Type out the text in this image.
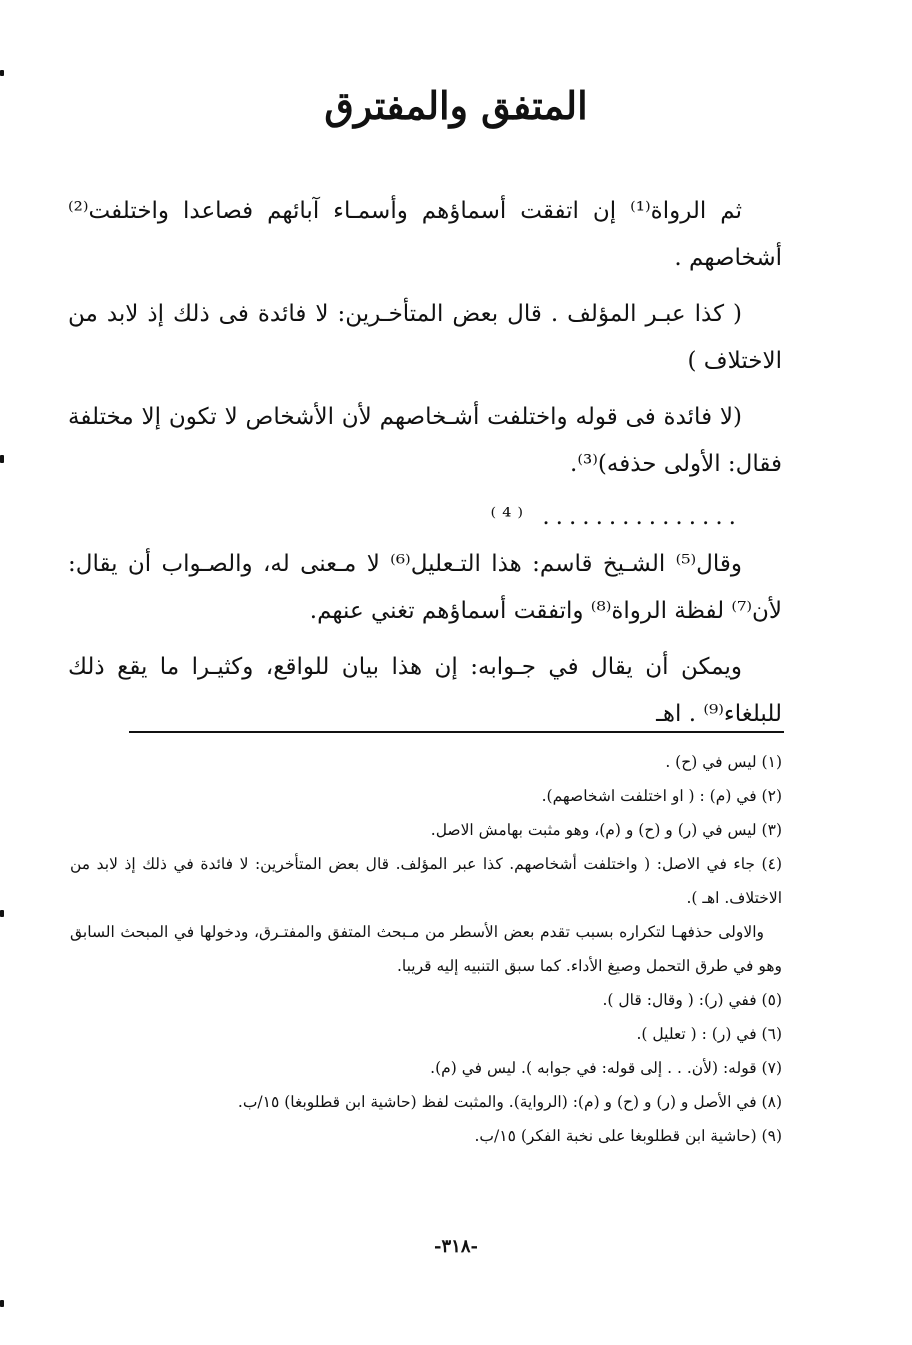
المتفق والمفترق

ثم الرواة⁽¹⁾ إن اتفقت أسماؤهم وأسمـاء آبائهم فصاعدا واختلفت⁽²⁾ أشخاصهم .

( كذا عبـر المؤلف . قال بعض المتأخـرين: لا فائدة فى ذلك إذ لابد من الاختلاف )

(لا فائدة فى قوله واختلفت أشـخاصهم لأن الأشخاص لا تكون إلا مختلفة فقال: الأولى حذفه)⁽³⁾.

............... ⁽⁴⁾

وقال⁽⁵⁾ الشـيخ قاسم: هذا التـعليل⁽⁶⁾ لا مـعنى له، والصـواب أن يقال: لأن⁽⁷⁾ لفظة الرواة⁽⁸⁾ واتفقت أسماؤهم تغني عنهم.

ويمكن أن يقال في جـوابه: إن هذا بيان للواقع، وكثيـرا ما يقع ذلك للبلغاء⁽⁹⁾ . اهـ

(١) ليس في (ح) .

(٢) في (م) : ( او اختلفت اشخاصهم).

(٣) ليس في (ر) و (ح) و (م)، وهو مثبت بهامش الاصل.

(٤) جاء في الاصل: ( واختلفت أشخاصهم. كذا عبر المؤلف. قال بعض المتأخرين: لا فائدة في ذلك إذ لابد من الاختلاف. اهـ ).

والاولى حذفهـا لتكراره بسبب تقدم بعض الأسطر من مـبحث المتفق والمفتـرق، ودخولها في المبحث السابق وهو في طرق التحمل وصيغ الأداء. كما سبق التنبيه إليه قريبا.

(٥) ففي (ر): ( وقال: قال ).

(٦) في (ر) : ( تعليل ).

(٧) قوله: (لأن. . . إلى قوله: في جوابه ). ليس في (م).

(٨) في الأصل و (ر) و (ح) و (م): (الرواية). والمثبت لفظ (حاشية ابن قطلوبغا) ١٥/ب.

(٩) (حاشية ابن قطلوبغا على نخبة الفكر) ١٥/ب.

-٣١٨-
